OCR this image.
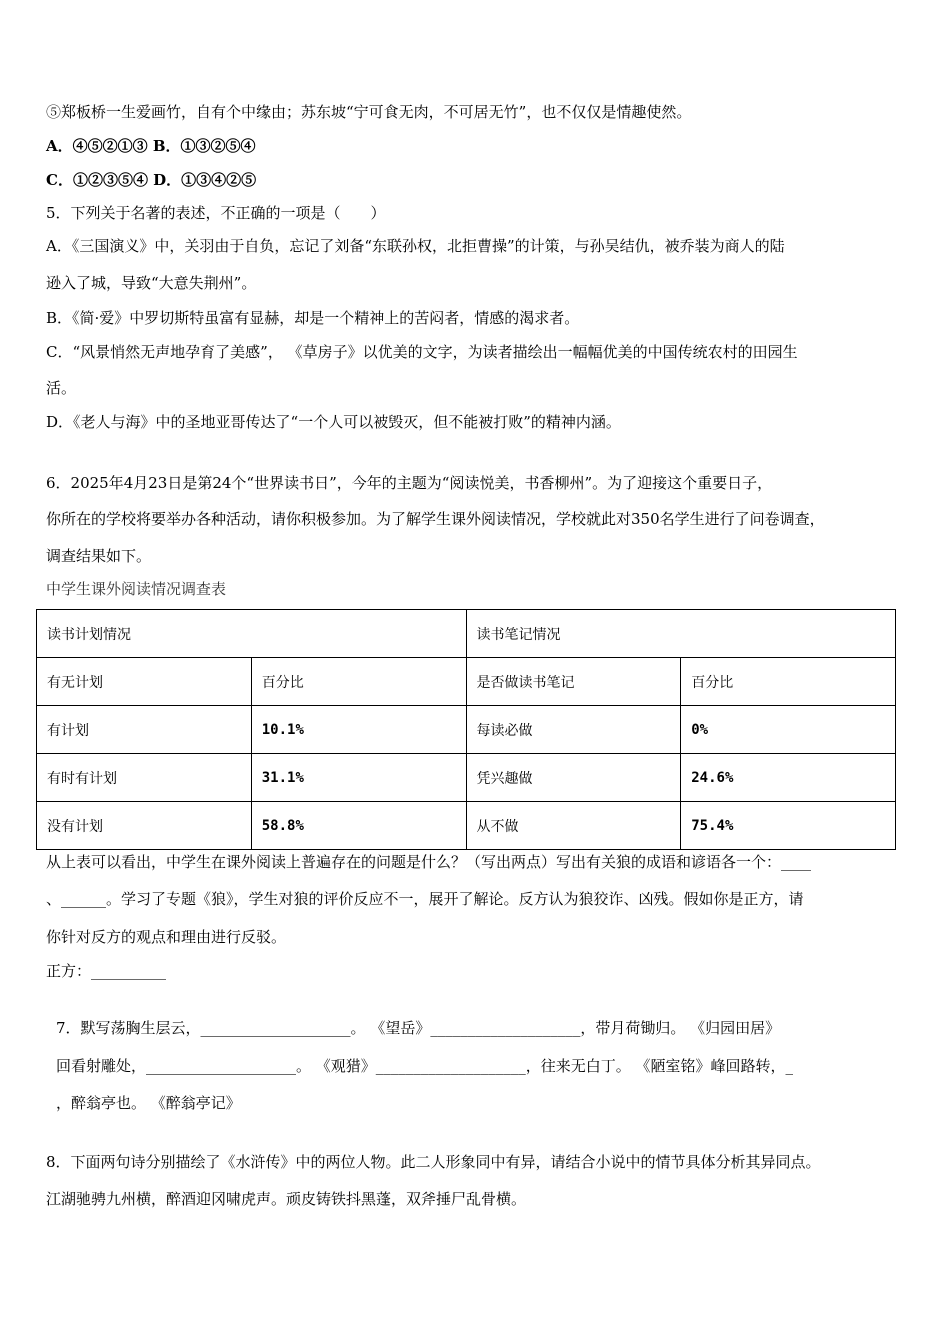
⑤郑板桥一生爱画竹，自有个中缘由；苏东坡“宁可食无肉，不可居无竹”，也不仅仅是情趣使然。
A．④⑤②①③ B．①③②⑤④
C．①②③⑤④ D．①③④②⑤
5．下列关于名著的表述，不正确的一项是（　　）
A．《三国演义》中，关羽由于自负，忘记了刘备“东联孙权，北拒曹操”的计策，与孙吴结仇，被乔装为商人的陆
逊入了城，导致“大意失荆州”。
B．《简·爱》中罗切斯特虽富有显赫，却是一个精神上的苦闷者，情感的渴求者。
C．“风景悄然无声地孕育了美感”， 《草房子》以优美的文字，为读者描绘出一幅幅优美的中国传统农村的田园生
活。
D．《老人与海》中的圣地亚哥传达了“一个人可以被毁灭，但不能被打败”的精神内涵。
6．2025年4月23日是第24个“世界读书日”，今年的主题为“阅读悦美，书香柳州”。为了迎接这个重要日子，
你所在的学校将要举办各种活动，请你积极参加。为了解学生课外阅读情况，学校就此对350名学生进行了问卷调查，
调查结果如下。
中学生课外阅读情况调查表
读书计划情况		读书笔记情况	
有无计划	百分比	是否做读书笔记	百分比
有计划	10.1%	每读必做	0%
有时有计划	31.1%	凭兴趣做	24.6%
没有计划	58.8%	从不做	75.4%
从上表可以看出，中学生在课外阅读上普遍存在的问题是什么？（写出两点）写出有关狼的成语和谚语各一个：____
、______。学习了专题《狼》，学生对狼的评价反应不一，展开了解论。反方认为狼狡诈、凶残。假如你是正方，请
你针对反方的观点和理由进行反驳。
正方：__________
7．默写荡胸生层云，____________________。 《望岳》____________________，带月荷锄归。 《归园田居》
回看射雕处，____________________。 《观猎》____________________，往来无白丁。 《陋室铭》峰回路转，_
，醉翁亭也。 《醉翁亭记》
8．下面两句诗分别描绘了《水浒传》中的两位人物。此二人形象同中有异，请结合小说中的情节具体分析其异同点。
江湖驰骋九州横，醉酒迎冈啸虎声。顽皮铸铁抖黑蓬，双斧捶尸乱骨横。
